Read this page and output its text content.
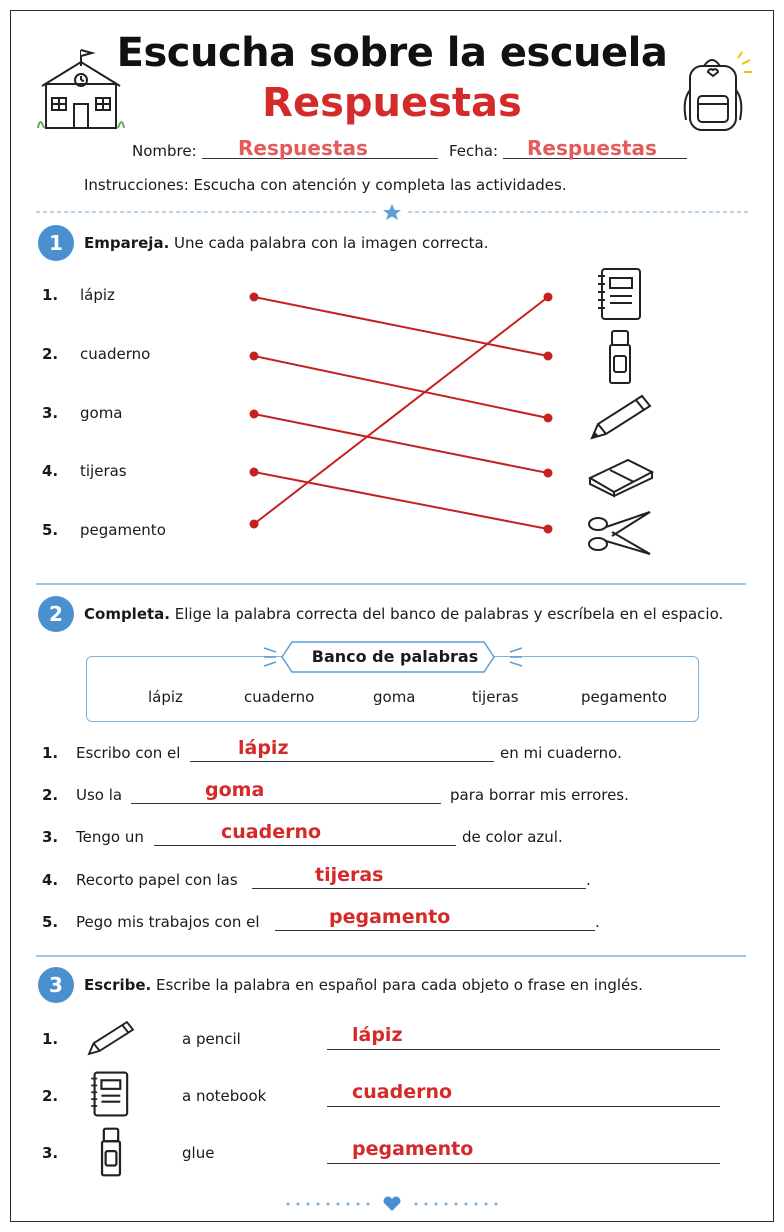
Escucha sobre la escuela
Respuestas
Nombre: Respuestas	Fecha: Respuestas
Instrucciones: Escucha con atención y completa las actividades.
1	Empareja. Une cada palabra con la imagen correcta.
1. lápiz
2. cuaderno
3. goma
4. tijeras
5. pegamento
2	Completa. Elige la palabra correcta del banco de palabras y escríbela en el espacio.
Banco de palabras
lápiz	cuaderno	goma	tijeras	pegamento
1. Escribo con el	lápiz	en mi cuaderno.
2. Uso la	goma	para borrar mis errores.
3. Tengo un	cuaderno	de color azul.
4. Recorto papel con las	tijeras	.
5. Pego mis trabajos con el	pegamento	.
3	Escribe. Escribe la palabra en español para cada objeto o frase en inglés.
1.	a pencil	lápiz
2.	a notebook	cuaderno
3.	glue	pegamento
